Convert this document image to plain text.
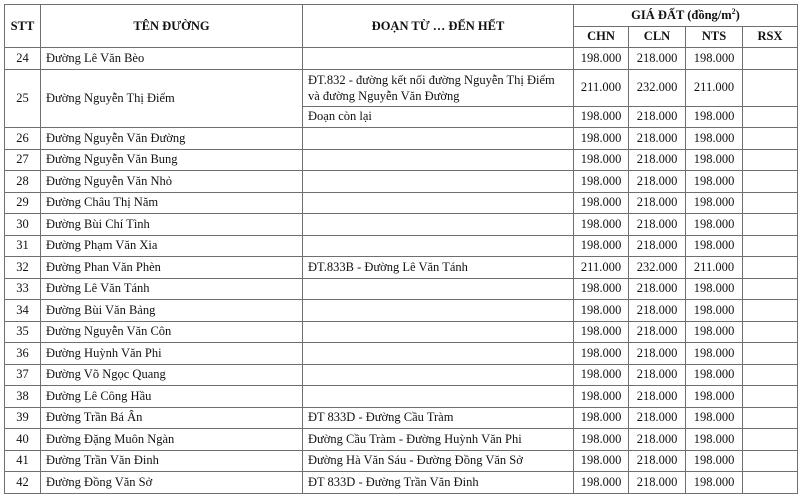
STT	TÊN ĐƯỜNG	ĐOẠN TỪ … ĐẾN HẾT	GIÁ ĐẤT $(đồng/m^2)$			
			CHN	CLN	NTS	RSX
24	Đường Lê Văn Bèo		198.000	218.000	198.000	
25	Đường Nguyễn Thị Điểm	ĐT.832 - đường kết nối đường Nguyễn Thị Điểm và đường Nguyễn Văn Đường	211.000	232.000	211.000	
		Đoạn còn lại	198.000	218.000	198.000	
26	Đường Nguyễn Văn Đường		198.000	218.000	198.000	
27	Đường Nguyễn Văn Bung		198.000	218.000	198.000	
28	Đường Nguyễn Văn Nhỏ		198.000	218.000	198.000	
29	Đường Châu Thị Năm		198.000	218.000	198.000	
30	Đường Bùi Chí Tình		198.000	218.000	198.000	
31	Đường Phạm Văn Xia		198.000	218.000	198.000	
32	Đường Phan Văn Phèn	ĐT.833B - Đường Lê Văn Tánh	211.000	232.000	211.000	
33	Đường Lê Văn Tánh		198.000	218.000	198.000	
34	Đường Bùi Văn Bảng		198.000	218.000	198.000	
35	Đường Nguyễn Văn Côn		198.000	218.000	198.000	
36	Đường Huỳnh Văn Phi		198.000	218.000	198.000	
37	Đường Võ Ngọc Quang		198.000	218.000	198.000	
38	Đường Lê Công Hầu		198.000	218.000	198.000	
39	Đường Trần Bá Ân	ĐT 833D - Đường Cầu Tràm	198.000	218.000	198.000	
40	Đường Đặng Muôn Ngàn	Đường Cầu Tràm - Đường Huỳnh Văn Phi	198.000	218.000	198.000	
41	Đường Trần Văn Đinh	Đường Hà Văn Sáu - Đường Đồng Văn Sở	198.000	218.000	198.000	
42	Đường Đồng Văn Sở	ĐT 833D - Đường Trần Văn Đinh	198.000	218.000	198.000	
